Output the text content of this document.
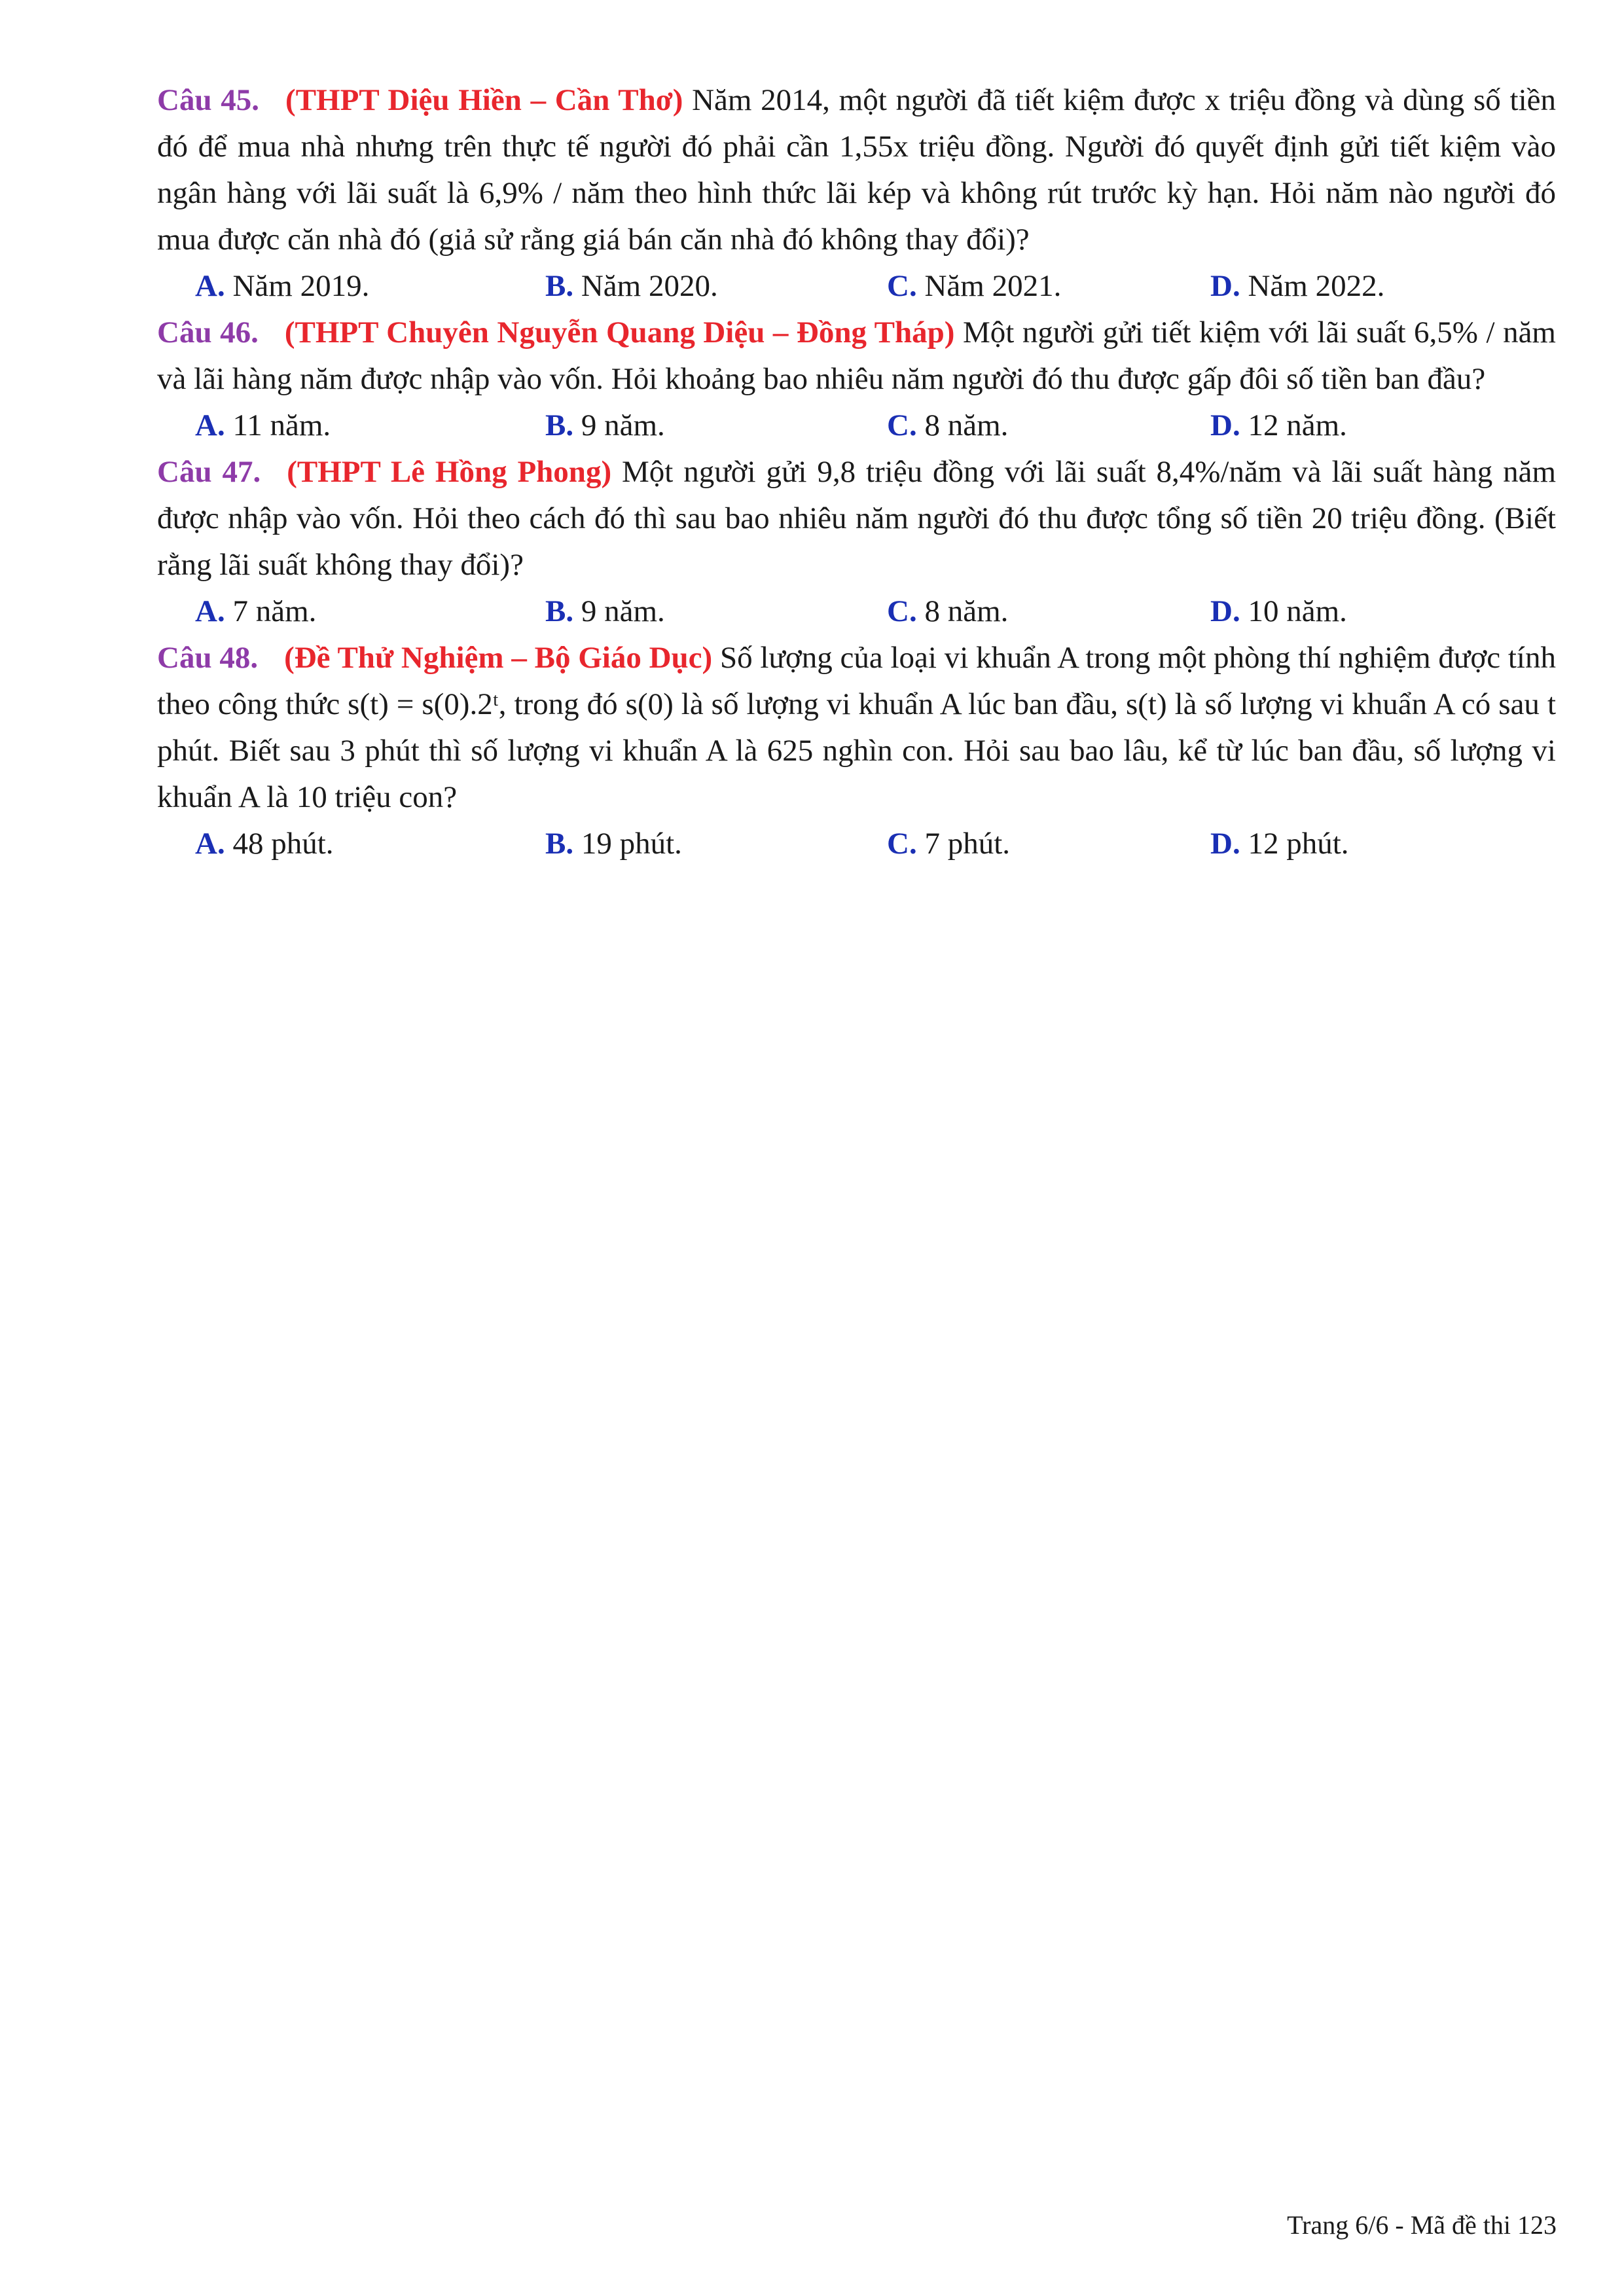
Câu 45. (THPT Diệu Hiền – Cần Thơ) Năm 2014, một người đã tiết kiệm được x triệu đồng và dùng số tiền đó để mua nhà nhưng trên thực tế người đó phải cần 1,55x triệu đồng. Người đó quyết định gửi tiết kiệm vào ngân hàng với lãi suất là 6,9% / năm theo hình thức lãi kép và không rút trước kỳ hạn. Hỏi năm nào người đó mua được căn nhà đó (giả sử rằng giá bán căn nhà đó không thay đổi)?

A. Năm 2019.	B. Năm 2020.	C. Năm 2021.	D. Năm 2022.

Câu 46. (THPT Chuyên Nguyễn Quang Diệu – Đồng Tháp) Một người gửi tiết kiệm với lãi suất 6,5% / năm và lãi hàng năm được nhập vào vốn. Hỏi khoảng bao nhiêu năm người đó thu được gấp đôi số tiền ban đầu?

A. 11 năm.	B. 9 năm.	C. 8 năm.	D. 12 năm.

Câu 47. (THPT Lê Hồng Phong) Một người gửi 9,8 triệu đồng với lãi suất 8,4%/năm và lãi suất hàng năm được nhập vào vốn. Hỏi theo cách đó thì sau bao nhiêu năm người đó thu được tổng số tiền 20 triệu đồng. (Biết rằng lãi suất không thay đổi)?

A. 7 năm.	B. 9 năm.	C. 8 năm.	D. 10 năm.

Câu 48. (Đề Thử Nghiệm – Bộ Giáo Dục) Số lượng của loại vi khuẩn A trong một phòng thí nghiệm được tính theo công thức s(t) = s(0).2ᵗ, trong đó s(0) là số lượng vi khuẩn A lúc ban đầu, s(t) là số lượng vi khuẩn A có sau t phút. Biết sau 3 phút thì số lượng vi khuẩn A là 625 nghìn con. Hỏi sau bao lâu, kể từ lúc ban đầu, số lượng vi khuẩn A là 10 triệu con?

A. 48 phút.	B. 19 phút.	C. 7 phút.	D. 12 phút.
Trang 6/6 - Mã đề thi 123
